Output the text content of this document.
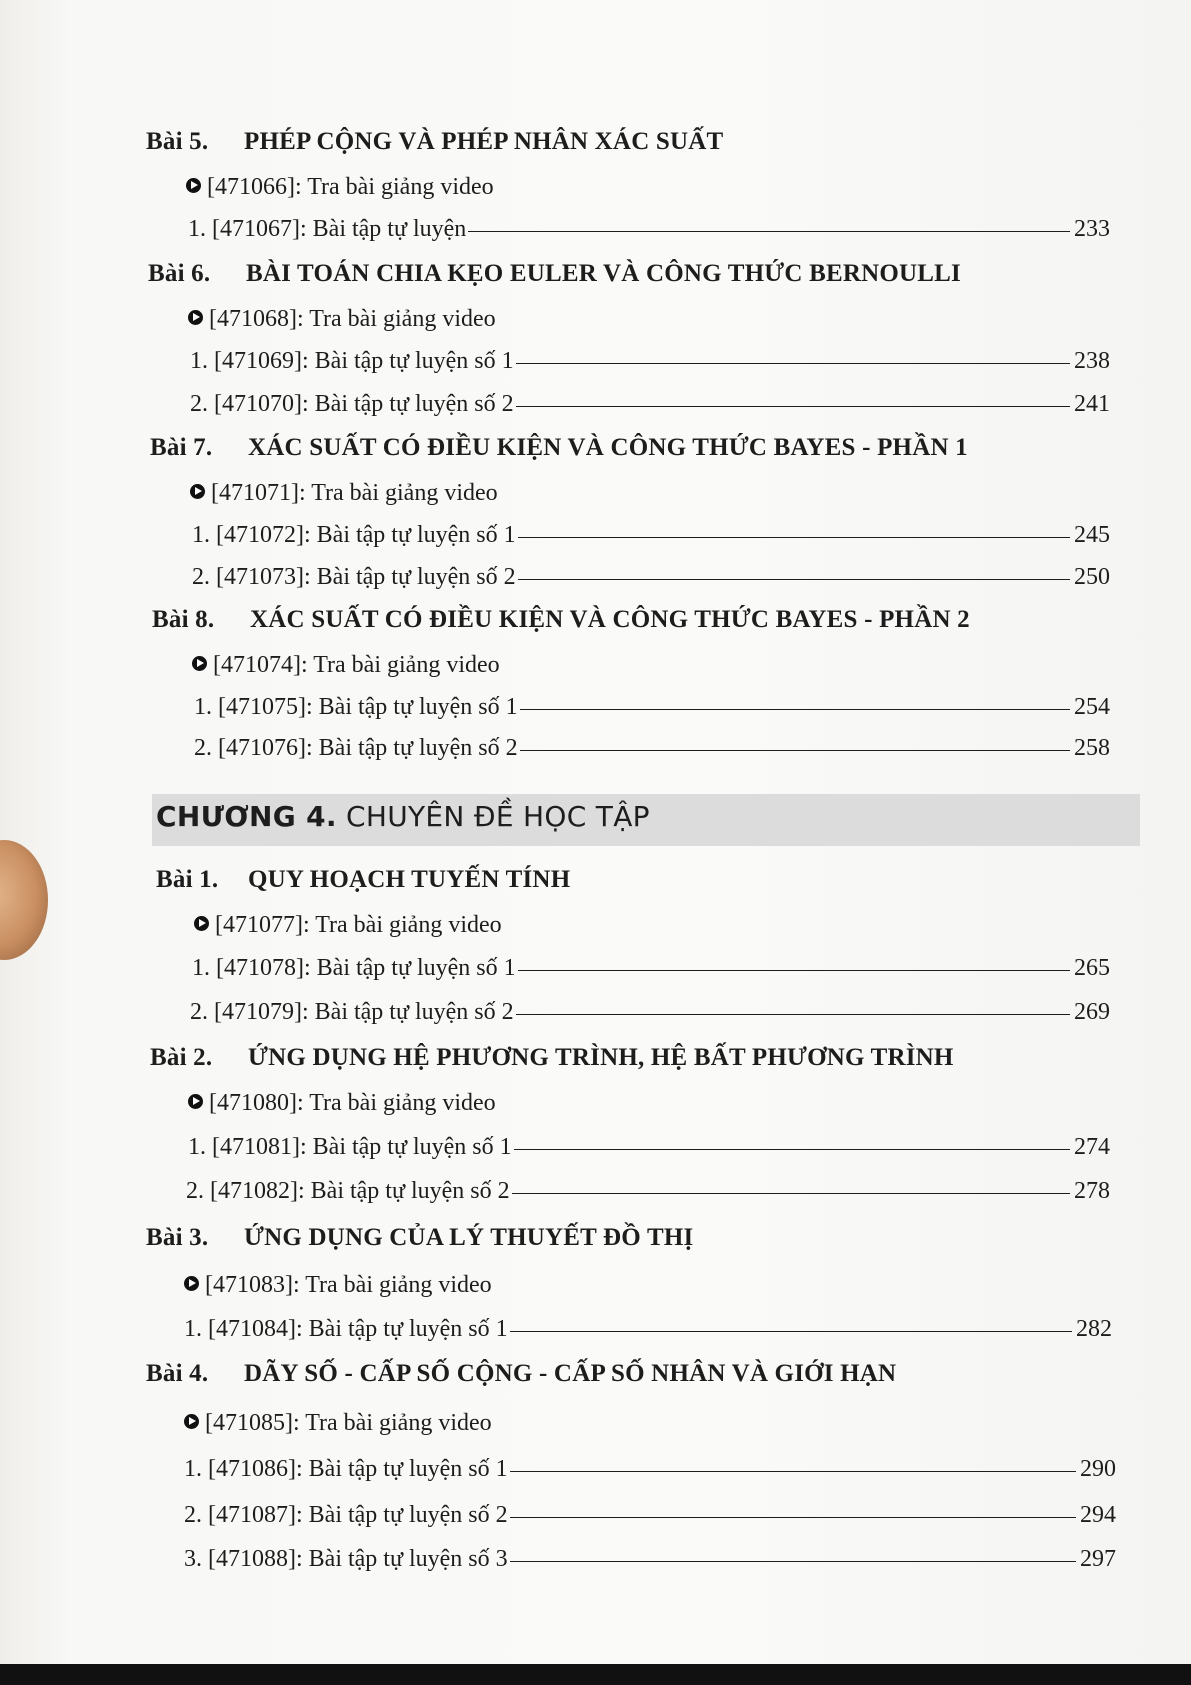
Bài 5. PHÉP CỘNG VÀ PHÉP NHÂN XÁC SUẤT
[471066]: Tra bài giảng video
1. [471067]: Bài tập tự luyện	233
Bài 6. BÀI TOÁN CHIA KẸO EULER VÀ CÔNG THỨC BERNOULLI
[471068]: Tra bài giảng video
1. [471069]: Bài tập tự luyện số 1	238
2. [471070]: Bài tập tự luyện số 2	241
Bài 7. XÁC SUẤT CÓ ĐIỀU KIỆN VÀ CÔNG THỨC BAYES - PHẦN 1
[471071]: Tra bài giảng video
1. [471072]: Bài tập tự luyện số 1	245
2. [471073]: Bài tập tự luyện số 2	250
Bài 8. XÁC SUẤT CÓ ĐIỀU KIỆN VÀ CÔNG THỨC BAYES - PHẦN 2
[471074]: Tra bài giảng video
1. [471075]: Bài tập tự luyện số 1	254
2. [471076]: Bài tập tự luyện số 2	258
CHƯƠNG 4. CHUYÊN ĐỀ HỌC TẬP
Bài 1. QUY HOẠCH TUYẾN TÍNH
[471077]: Tra bài giảng video
1. [471078]: Bài tập tự luyện số 1	265
2. [471079]: Bài tập tự luyện số 2	269
Bài 2. ỨNG DỤNG HỆ PHƯƠNG TRÌNH, HỆ BẤT PHƯƠNG TRÌNH
[471080]: Tra bài giảng video
1. [471081]: Bài tập tự luyện số 1	274
2. [471082]: Bài tập tự luyện số 2	278
Bài 3. ỨNG DỤNG CỦA LÝ THUYẾT ĐỒ THỊ
[471083]: Tra bài giảng video
1. [471084]: Bài tập tự luyện số 1	282
Bài 4. DÃY SỐ - CẤP SỐ CỘNG - CẤP SỐ NHÂN VÀ GIỚI HẠN
[471085]: Tra bài giảng video
1. [471086]: Bài tập tự luyện số 1	290
2. [471087]: Bài tập tự luyện số 2	294
3. [471088]: Bài tập tự luyện số 3	297
